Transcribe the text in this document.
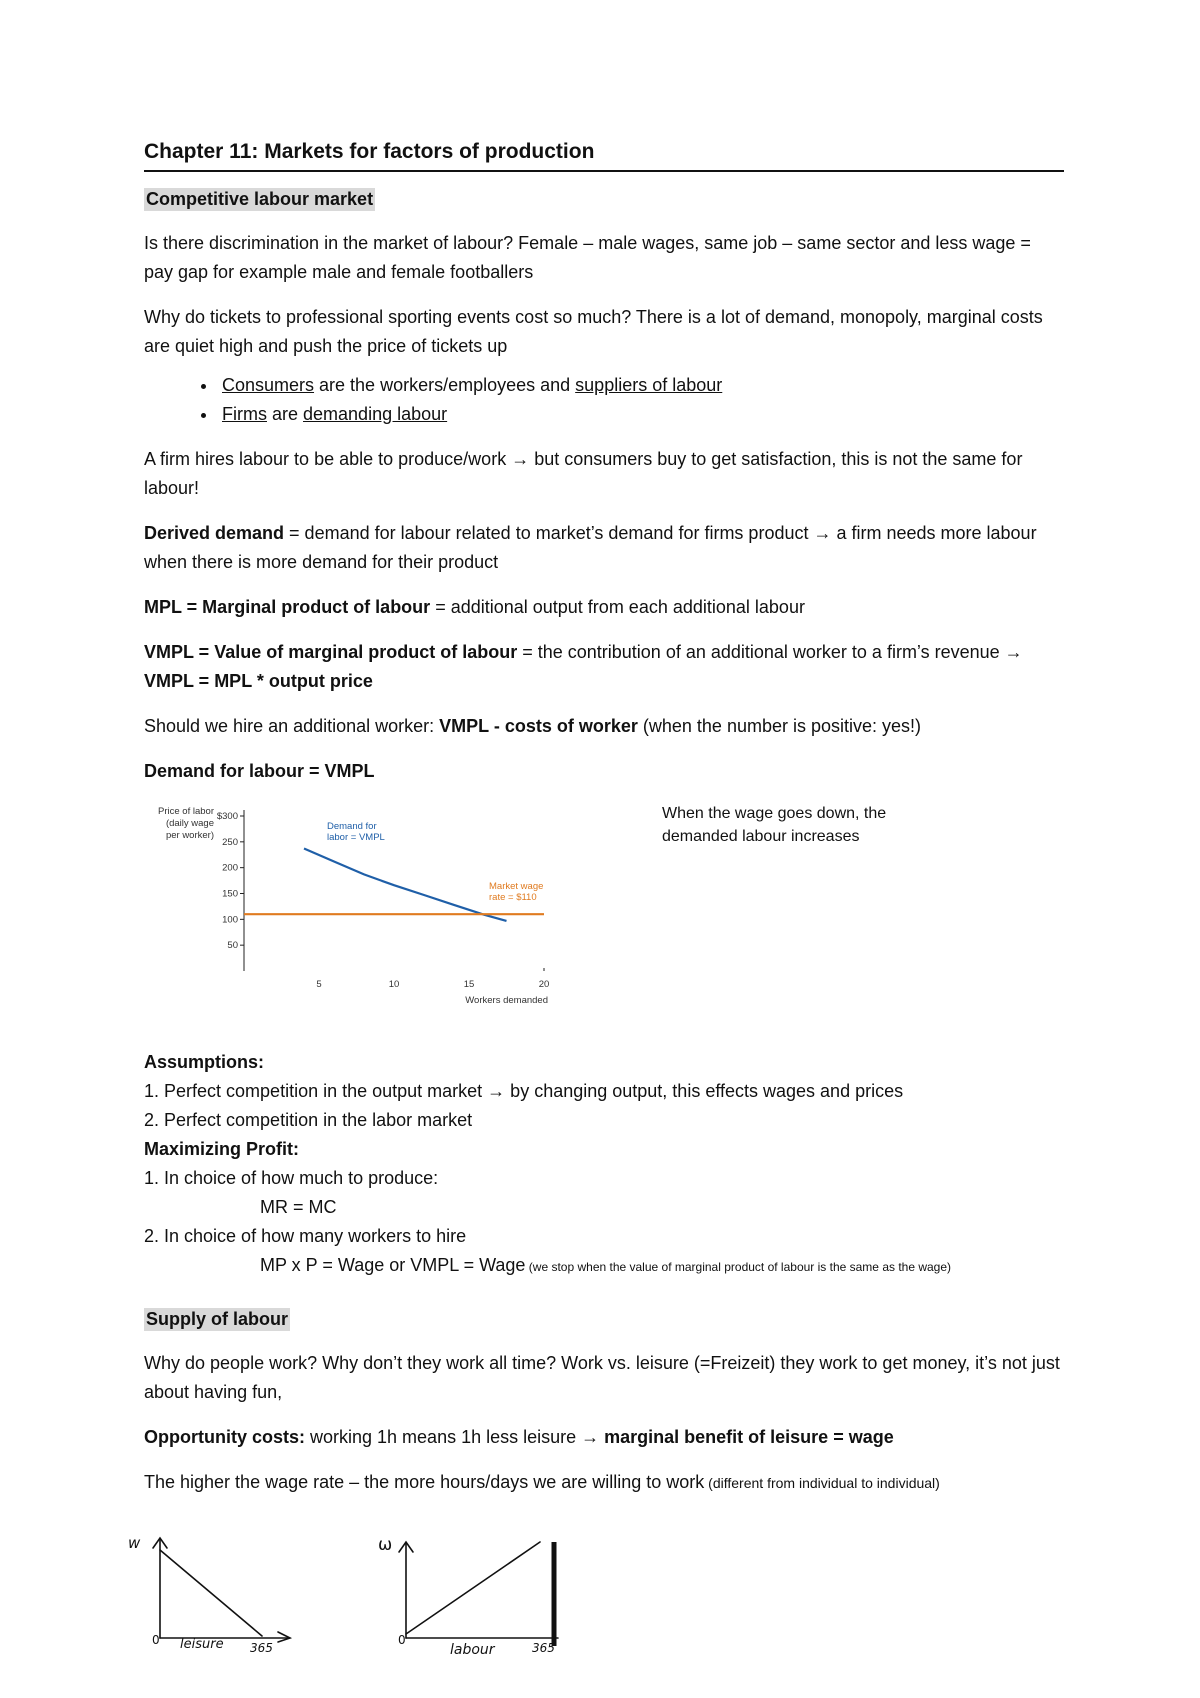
Chapter 11: Markets for factors of production
Competitive labour market

Is there discrimination in the market of labour? Female – male wages, same job – same sector and less wage = pay gap for example male and female footballers

Why do tickets to professional sporting events cost so much? There is a lot of demand, monopoly, marginal costs are quiet high and push the price of tickets up

• Consumers are the workers/employees and suppliers of labour
• Firms are demanding labour

A firm hires labour to be able to produce/work → but consumers buy to get satisfaction, this is not the same for labour!

Derived demand = demand for labour related to market’s demand for firms product → a firm needs more labour when there is more demand for their product

MPL = Marginal product of labour = additional output from each additional labour

VMPL = Value of marginal product of labour = the contribution of an additional worker to a firm’s revenue → VMPL = MPL * output price

Should we hire an additional worker: VMPL - costs of worker (when the number is positive: yes!)

Demand for labour = VMPL

Price of labor (daily wage per worker)
$300
250
200
150
100
50
5	10	15	20
Workers demanded
Demand for labor = VMPL
Market wage rate = $110
When the wage goes down, the demanded labour increases

Assumptions:

1. Perfect competition in the output market → by changing output, this effects wages and prices

2. Perfect competition in the labor market

Maximizing Profit:

1. In choice of how much to produce:

MR = MC

2. In choice of how many workers to hire

MP x P = Wage or VMPL = Wage (we stop when the value of marginal product of labour is the same as the wage)

Supply of labour

Why do people work? Why don’t they work all time? Work vs. leisure (=Freizeit) they work to get money, it’s not just about having fun,

Opportunity costs: working 1h means 1h less leisure → marginal benefit of leisure = wage

The higher the wage rate – the more hours/days we are willing to work (different from individual to individual)

w
0 leisure 365
ω
0
labour	365
